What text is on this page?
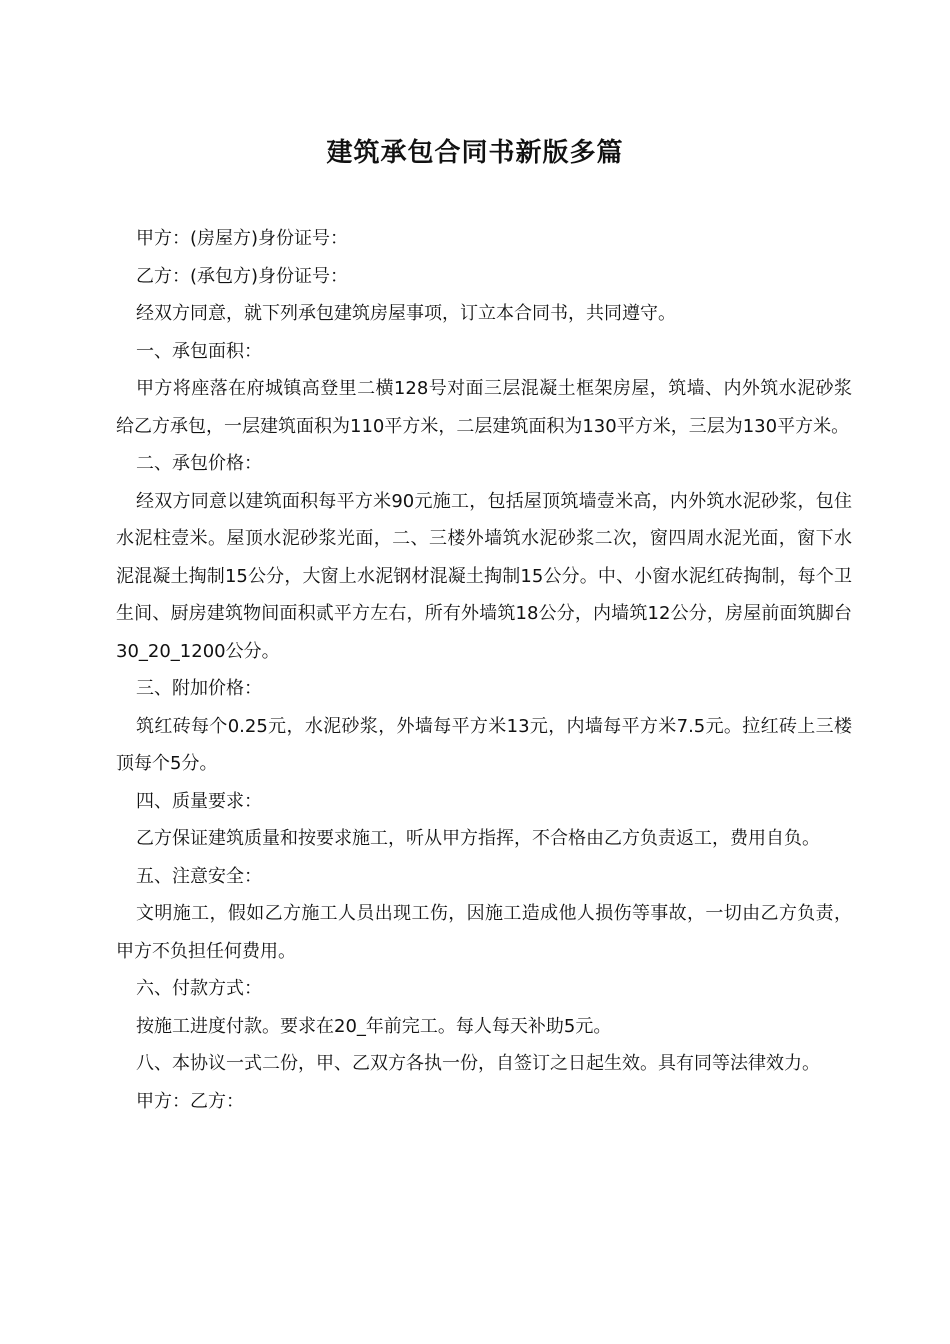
建筑承包合同书新版多篇

甲方：(房屋方)身份证号：

乙方：(承包方)身份证号：

经双方同意，就下列承包建筑房屋事项，订立本合同书，共同遵守。

一、承包面积：

甲方将座落在府城镇高登里二横128号对面三层混凝土框架房屋，筑墙、内外筑水泥砂浆给乙方承包，一层建筑面积为110平方米，二层建筑面积为130平方米，三层为130平方米。

二、承包价格：

经双方同意以建筑面积每平方米90元施工，包括屋顶筑墙壹米高，内外筑水泥砂浆，包住水泥柱壹米。屋顶水泥砂浆光面，二、三楼外墙筑水泥砂浆二次，窗四周水泥光面，窗下水泥混凝土掏制15公分，大窗上水泥钢材混凝土掏制15公分。中、小窗水泥红砖掏制，每个卫生间、厨房建筑物间面积贰平方左右，所有外墙筑18公分，内墙筑12公分，房屋前面筑脚台30_20_1200公分。

三、附加价格：

筑红砖每个0.25元，水泥砂浆，外墙每平方米13元，内墙每平方米7.5元。拉红砖上三楼顶每个5分。

四、质量要求：

乙方保证建筑质量和按要求施工，听从甲方指挥，不合格由乙方负责返工，费用自负。

五、注意安全：

文明施工，假如乙方施工人员出现工伤，因施工造成他人损伤等事故，一切由乙方负责，甲方不负担任何费用。

六、付款方式：

按施工进度付款。要求在20_年前完工。每人每天补助5元。

八、本协议一式二份，甲、乙双方各执一份，自签订之日起生效。具有同等法律效力。

甲方：乙方：
